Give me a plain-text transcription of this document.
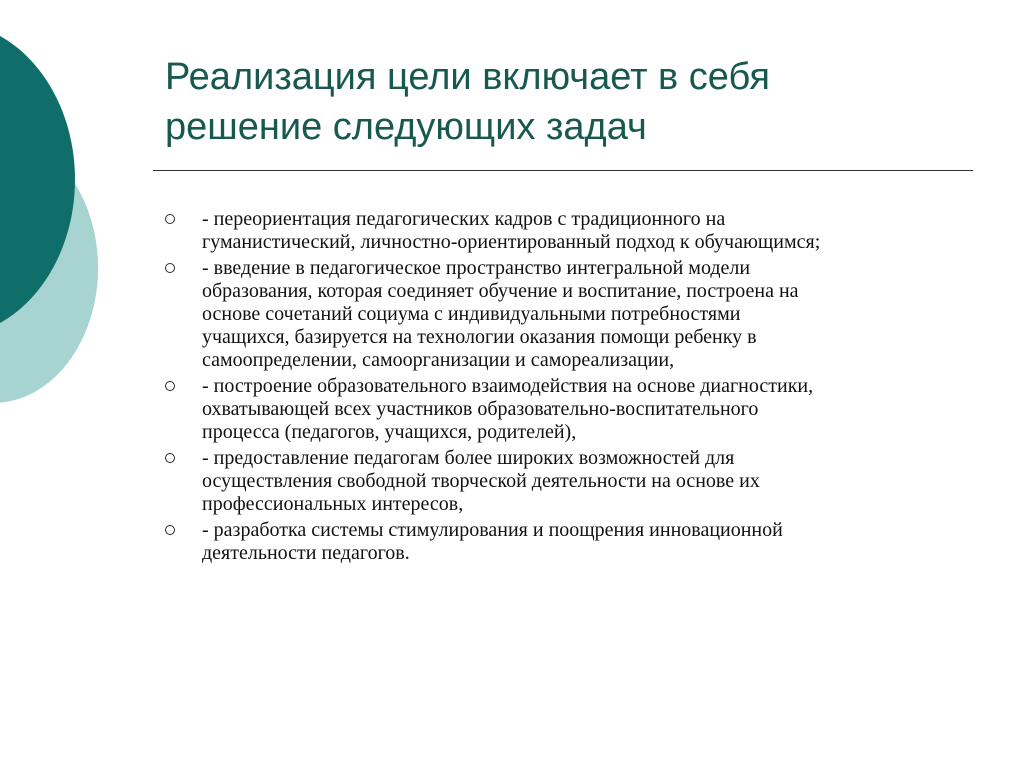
Реализация цели включает в себя
решение следующих задач
- переориентация педагогических кадров с традиционного на
гуманистический, личностно-ориентированный подход к обучающимся;
- введение в педагогическое пространство интегральной модели
образования, которая соединяет обучение и воспитание, построена на
основе сочетаний социума с индивидуальными потребностями
учащихся, базируется на технологии оказания помощи ребенку в
самоопределении, самоорганизации и самореализации,
- построение образовательного взаимодействия на основе диагностики,
охватывающей всех участников образовательно-воспитательного
процесса (педагогов, учащихся, родителей),
- предоставление педагогам более широких возможностей для
осуществления свободной творческой деятельности на основе их
профессиональных интересов,
- разработка системы стимулирования и поощрения инновационной
деятельности педагогов.
